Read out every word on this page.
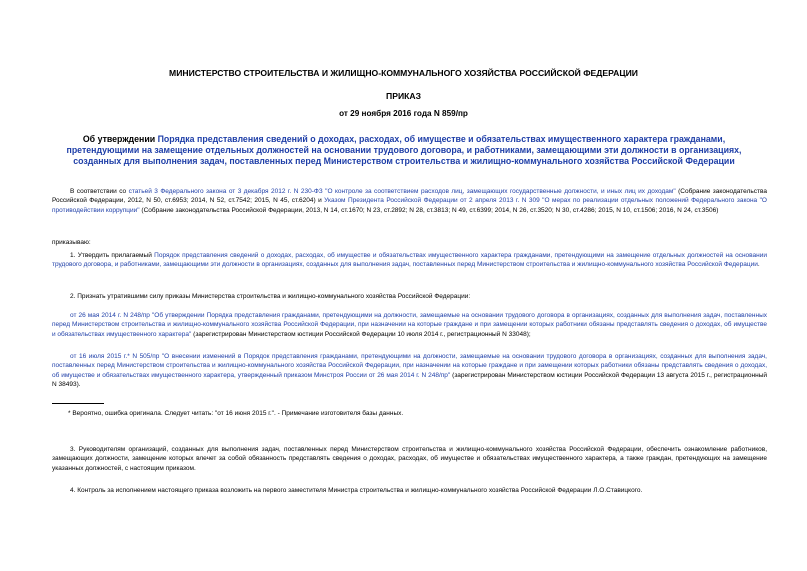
МИНИСТЕРСТВО СТРОИТЕЛЬСТВА И ЖИЛИЩНО-КОММУНАЛЬНОГО ХОЗЯЙСТВА РОССИЙСКОЙ ФЕДЕРАЦИИ
ПРИКАЗ
от 29 ноября 2016 года N 859/пр
Об утверждении Порядка представления сведений о доходах, расходах, об имуществе и обязательствах имущественного характера гражданами, претендующими на замещение отдельных должностей на основании трудового договора, и работниками, замещающими эти должности в организациях, созданных для выполнения задач, поставленных перед Министерством строительства и жилищно-коммунального хозяйства Российской Федерации
В соответствии со статьей 3 Федерального закона от 3 декабря 2012 г. N 230-ФЗ "О контроле за соответствием расходов лиц, замещающих государственные должности, и иных лиц их доходам" (Собрание законодательства Российской Федерации, 2012, N 50, ст.6953; 2014, N 52, ст.7542; 2015, N 45, ст.6204) и Указом Президента Российской Федерации от 2 апреля 2013 г. N 309 "О мерах по реализации отдельных положений Федерального закона "О противодействии коррупции" (Собрание законодательства Российской Федерации, 2013, N 14, ст.1670; N 23, ст.2892; N 28, ст.3813; N 49, ст.6399; 2014, N 26, ст.3520; N 30, ст.4286; 2015, N 10, ст.1506; 2016, N 24, ст.3506)
приказываю:
1. Утвердить прилагаемый Порядок представления сведений о доходах, расходах, об имуществе и обязательствах имущественного характера гражданами, претендующими на замещение отдельных должностей на основании трудового договора, и работниками, замещающими эти должности в организациях, созданных для выполнения задач, поставленных перед Министерством строительства и жилищно-коммунального хозяйства Российской Федерации.
2. Признать утратившими силу приказы Министерства строительства и жилищно-коммунального хозяйства Российской Федерации:
от 26 мая 2014 г. N 248/пр "Об утверждении Порядка представления гражданами, претендующими на должности, замещаемые на основании трудового договора в организациях, созданных для выполнения задач, поставленных перед Министерством строительства и жилищно-коммунального хозяйства Российской Федерации, при назначении на которые граждане и при замещении которых работники обязаны представлять сведения о доходах, об имуществе и обязательствах имущественного характера" (зарегистрирован Министерством юстиции Российской Федерации 10 июля 2014 г., регистрационный N 33048);
от 16 июля 2015 г.* N 505/пр "О внесении изменений в Порядок представления гражданами, претендующими на должности, замещаемые на основании трудового договора в организациях, созданных для выполнения задач, поставленных перед Министерством строительства и жилищно-коммунального хозяйства Российской Федерации, при назначении на которые граждане и при замещении которых работники обязаны представлять сведения о доходах, об имуществе и обязательствах имущественного характера, утвержденный приказом Минстроя России от 26 мая 2014 г. N 248/пр" (зарегистрирован Министерством юстиции Российской Федерации 13 августа 2015 г., регистрационный N 38493).
* Вероятно, ошибка оригинала. Следует читать: "от 16 июня 2015 г.". - Примечание изготовителя базы данных.
3. Руководителям организаций, созданных для выполнения задач, поставленных перед Министерством строительства и жилищно-коммунального хозяйства Российской Федерации, обеспечить ознакомление работников, замещающих должности, замещение которых влечет за собой обязанность представлять сведения о доходах, расходах, об имуществе и обязательствах имущественного характера, а также граждан, претендующих на замещение указанных должностей, с настоящим приказом.
4. Контроль за исполнением настоящего приказа возложить на первого заместителя Министра строительства и жилищно-коммунального хозяйства Российской Федерации Л.О.Ставицкого.
